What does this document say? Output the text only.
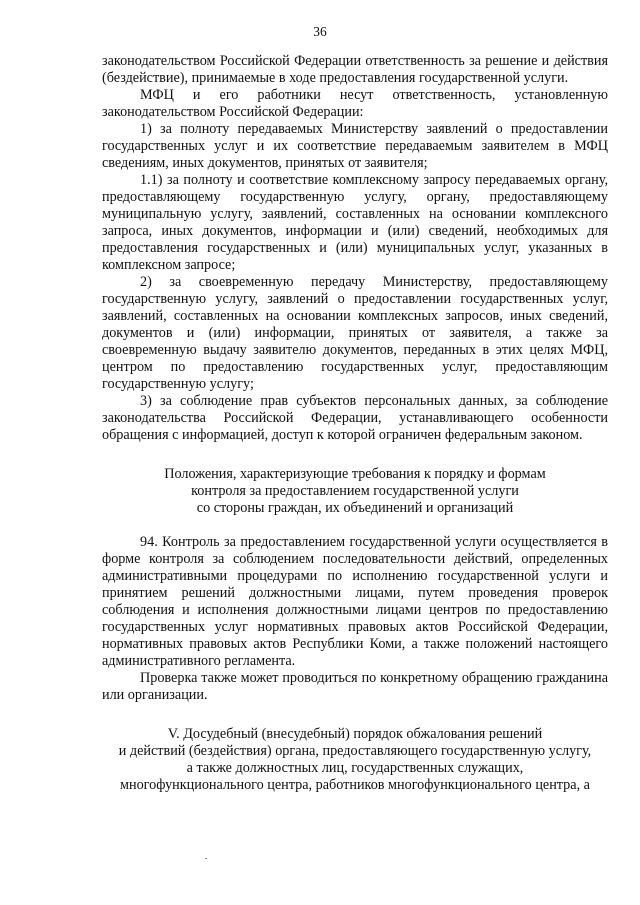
36

законодательством Российской Федерации ответственность за решение и действия (бездействие), принимаемые в ходе предоставления государственной услуги.

МФЦ и его работники несут ответственность, установленную законодательством Российской Федерации:

1) за полноту передаваемых Министерству заявлений о предоставлении государственных услуг и их соответствие передаваемым заявителем в МФЦ сведениям, иных документов, принятых от заявителя;

1.1) за полноту и соответствие комплексному запросу передаваемых органу, предоставляющему государственную услугу, органу, предоставляющему муниципальную услугу, заявлений, составленных на основании комплексного запроса, иных документов, информации и (или) сведений, необходимых для предоставления государственных и (или) муниципальных услуг, указанных в комплексном запросе;

2) за своевременную передачу Министерству, предоставляющему государственную услугу, заявлений о предоставлении государственных услуг, заявлений, составленных на основании комплексных запросов, иных сведений, документов и (или) информации, принятых от заявителя, а также за своевременную выдачу заявителю документов, переданных в этих целях МФЦ, центром по предоставлению государственных услуг, предоставляющим государственную услугу;

3) за соблюдение прав субъектов персональных данных, за соблюдение законодательства Российской Федерации, устанавливающего особенности обращения с информацией, доступ к которой ограничен федеральным законом.

Положения, характеризующие требования к порядку и формам
контроля за предоставлением государственной услуги
со стороны граждан, их объединений и организаций

94. Контроль за предоставлением государственной услуги осуществляется в форме контроля за соблюдением последовательности действий, определенных административными процедурами по исполнению государственной услуги и принятием решений должностными лицами, путем проведения проверок соблюдения и исполнения должностными лицами центров по предоставлению государственных услуг нормативных правовых актов Российской Федерации, нормативных правовых актов Республики Коми, а также положений настоящего административного регламента.

Проверка также может проводиться по конкретному обращению гражданина или организации.

V. Досудебный (внесудебный) порядок обжалования решений
и действий (бездействия) органа, предоставляющего государственную услугу,
а также должностных лиц, государственных служащих,
многофункционального центра, работников многофункционального центра, а
